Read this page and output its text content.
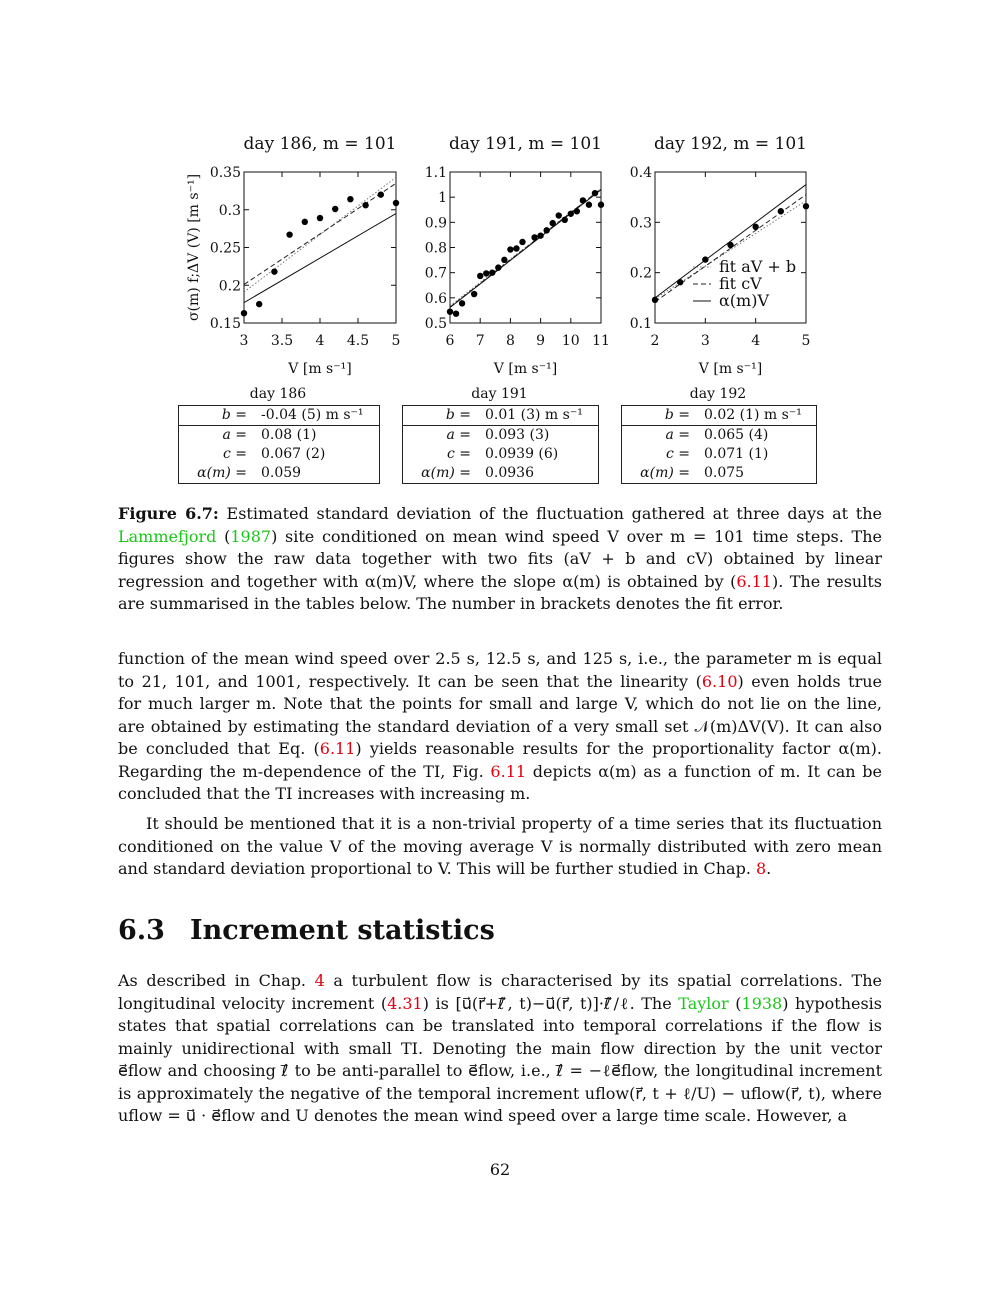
day 186, m = 101
3 3.5 4 4.5 5
0.15
0.2
0.25
0.3
0.35
V [m s⁻¹]
σ(m) f;ΔV (V) [m s⁻¹]
day 191, m = 101
6 7 8 9 10 11
0.5
0.6
0.7
0.8
0.9
1
1.1
V [m s⁻¹]
day 192, m = 101
2	3	4	5
0.1
0.2
0.3
0.4
V [m s⁻¹]
fit aV + b
fit cV
α(m)V
day 186
b =	-0.04 (5) m s⁻¹
a =	0.08 (1)
c =	0.067 (2)
α(m) =	0.059
day 191
b =	0.01 (3) m s⁻¹
a =	0.093 (3)
c =	0.0939 (6)
α(m) =	0.0936
day 192
b =	0.02 (1) m s⁻¹
a =	0.065 (4)
c =	0.071 (1)
α(m) =	0.075
Figure 6.7: Estimated standard deviation of the fluctuation gathered at three days at the Lammefjord (1987) site conditioned on mean wind speed V over m = 101 time steps. The figures show the raw data together with two fits (aV + b and cV) obtained by linear regression and together with α(m)V, where the slope α(m) is obtained by (6.11). The results are summarised in the tables below. The number in brackets denotes the fit error.
function of the mean wind speed over 2.5 s, 12.5 s, and 125 s, i.e., the parameter m is equal
to 21, 101, and 1001, respectively. It can be seen that the linearity (6.10) even holds true
for much larger m. Note that the points for small and large V, which do not lie on the line,
are obtained by estimating the standard deviation of a very small set 𝒩(m)ΔV(V). It can also
be concluded that Eq. (6.11) yields reasonable results for the proportionality factor α(m).
Regarding the m-dependence of the TI, Fig. 6.11 depicts α(m) as a function of m. It can be
concluded that the TI increases with increasing m.
It should be mentioned that it is a non-trivial property of a time series that its fluctuation
conditioned on the value V of the moving average V is normally distributed with zero mean
and standard deviation proportional to V. This will be further studied in Chap. 8.
6.3 Increment statistics
As described in Chap. 4 a turbulent flow is characterised by its spatial correlations. The
longitudinal velocity increment (4.31) is [u⃗(r⃗+ℓ⃗, t)−u⃗(r⃗, t)]·ℓ⃗/ℓ. The Taylor (1938) hypothesis
states that spatial correlations can be translated into temporal correlations if the flow is
mainly unidirectional with small TI. Denoting the main flow direction by the unit vector
e⃗flow and choosing ℓ⃗ to be anti-parallel to e⃗flow, i.e., ℓ⃗ = −ℓe⃗flow, the longitudinal increment
is approximately the negative of the temporal increment uflow(r⃗, t + ℓ/U) − uflow(r⃗, t), where
uflow = u⃗ · e⃗flow and U denotes the mean wind speed over a large time scale. However, a
62
